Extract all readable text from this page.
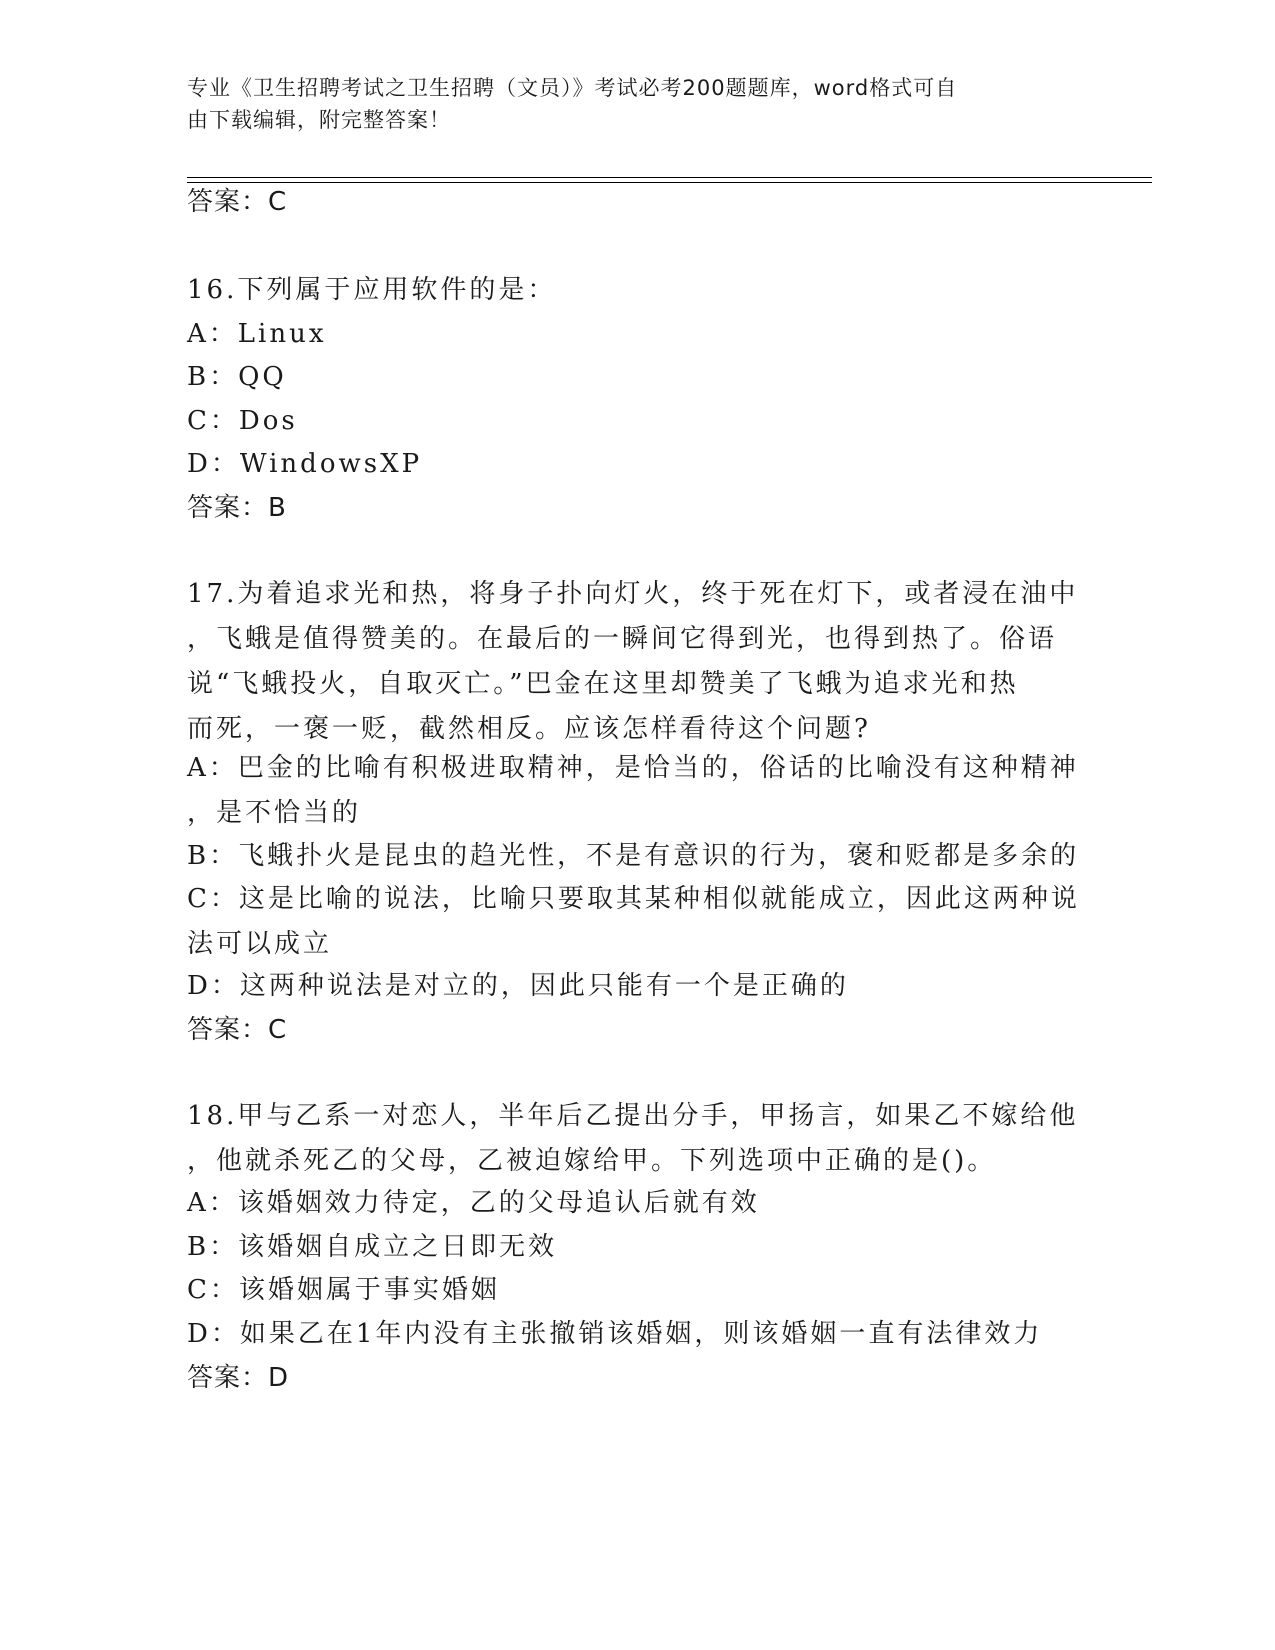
专业《卫生招聘考试之卫生招聘（文员）》考试必考200题题库，word格式可自
由下载编辑，附完整答案！
答案：C
16.下列属于应用软件的是：
A：Linux
B：QQ
C：Dos
D：WindowsXP
答案：B
17.为着追求光和热，将身子扑向灯火，终于死在灯下，或者浸在油中
，飞蛾是值得赞美的。在最后的一瞬间它得到光，也得到热了。俗语
说“飞蛾投火，自取灭亡。”巴金在这里却赞美了飞蛾为追求光和热
而死，一褒一贬，截然相反。应该怎样看待这个问题?
A：巴金的比喻有积极进取精神，是恰当的，俗话的比喻没有这种精神
，是不恰当的
B：飞蛾扑火是昆虫的趋光性，不是有意识的行为，褒和贬都是多余的
C：这是比喻的说法，比喻只要取其某种相似就能成立，因此这两种说
法可以成立
D：这两种说法是对立的，因此只能有一个是正确的
答案：C
18.甲与乙系一对恋人，半年后乙提出分手，甲扬言，如果乙不嫁给他
，他就杀死乙的父母，乙被迫嫁给甲。下列选项中正确的是()。
A：该婚姻效力待定，乙的父母追认后就有效
B：该婚姻自成立之日即无效
C：该婚姻属于事实婚姻
D：如果乙在1年内没有主张撤销该婚姻，则该婚姻一直有法律效力
答案：D
